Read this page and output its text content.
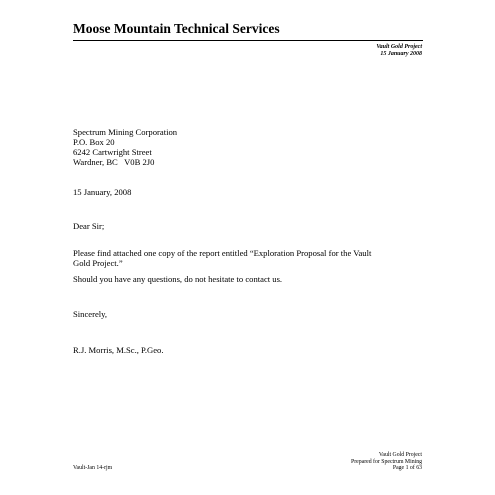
Moose Mountain Technical Services
Vault Gold Project
15 January 2008
Spectrum Mining Corporation
P.O. Box 20
6242 Cartwright Street
Wardner, BC   V0B 2J0
15 January, 2008
Dear Sir;
Please find attached one copy of the report entitled “Exploration Proposal for the Vault
Gold Project.”
Should you have any questions, do not hesitate to contact us.
Sincerely,
R.J. Morris, M.Sc., P.Geo.
Vault Gold Project
Prepared for Spectrum Mining
Page 1 of 63
Vault-Jan 14-rjm
